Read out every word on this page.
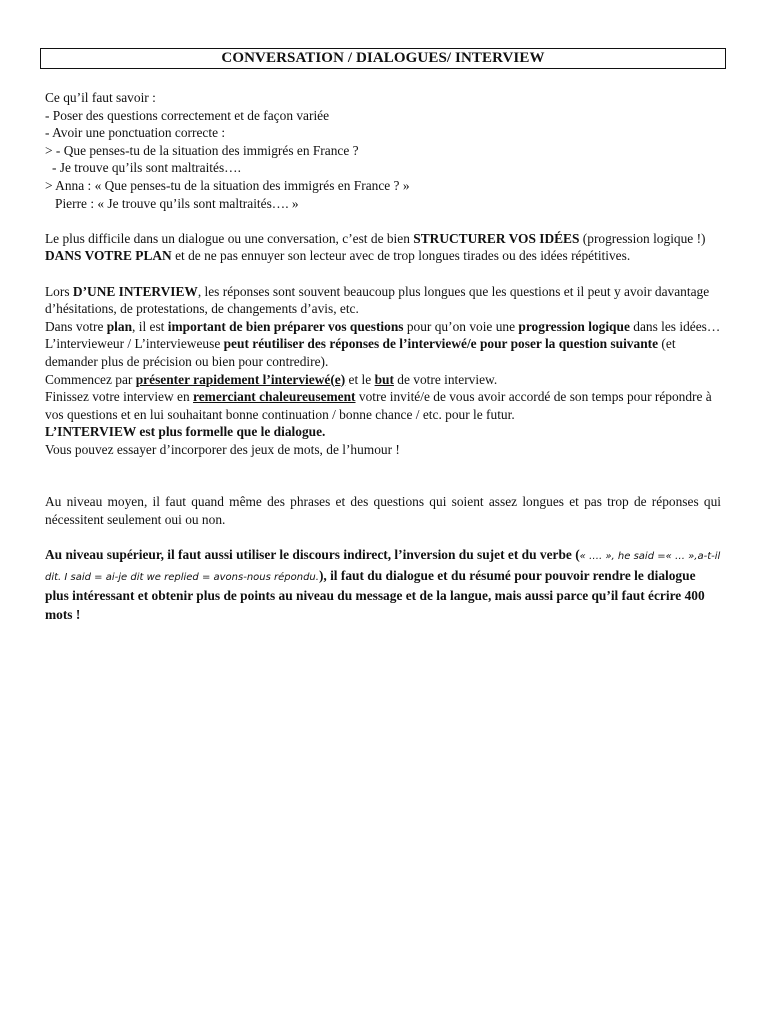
CONVERSATION / DIALOGUES/ INTERVIEW
Ce qu’il faut savoir :
- Poser des questions correctement et de façon variée
- Avoir une ponctuation correcte :
> - Que penses-tu de la situation des immigrés en France ?
- Je trouve qu’ils sont maltraités….
> Anna : « Que penses-tu de la situation des immigrés en France ? »
Pierre : « Je trouve qu’ils sont maltraités…. »
Le plus difficile dans un dialogue ou une conversation, c’est de bien STRUCTURER VOS IDÉES (progression logique !) DANS VOTRE PLAN et de ne pas ennuyer son lecteur avec de trop longues tirades ou des idées répétitives.
Lors D’UNE INTERVIEW, les réponses sont souvent beaucoup plus longues que les questions et il peut y avoir davantage d’hésitations, de protestations, de changements d’avis, etc.
Dans votre plan, il est important de bien préparer vos questions pour qu’on voie une progression logique dans les idées…
L’intervieweur / L’intervieweuse peut réutiliser des réponses de l’interviewé/e pour poser la question suivante (et demander plus de précision ou bien pour contredire).
Commencez par présenter rapidement l’interviewé(e) et le but de votre interview.
Finissez votre interview en remerciant chaleureusement votre invité/e de vous avoir accordé de son temps pour répondre à vos questions et en lui souhaitant bonne continuation / bonne chance / etc. pour le futur.
L’INTERVIEW est plus formelle que le dialogue.
Vous pouvez essayer d’incorporer des jeux de mots, de l’humour !
Au niveau moyen, il faut quand même des phrases et des questions qui soient assez longues et pas trop de réponses qui nécessitent seulement oui ou non.
Au niveau supérieur, il faut aussi utiliser le discours indirect, l’inversion du sujet et du verbe (« …. », he said =« … »,a-t-il dit. I said = ai-je dit we replied = avons-nous répondu.), il faut du dialogue et du résumé pour pouvoir rendre le dialogue plus intéressant et obtenir plus de points au niveau du message et de la langue, mais aussi parce qu’il faut écrire 400 mots !
